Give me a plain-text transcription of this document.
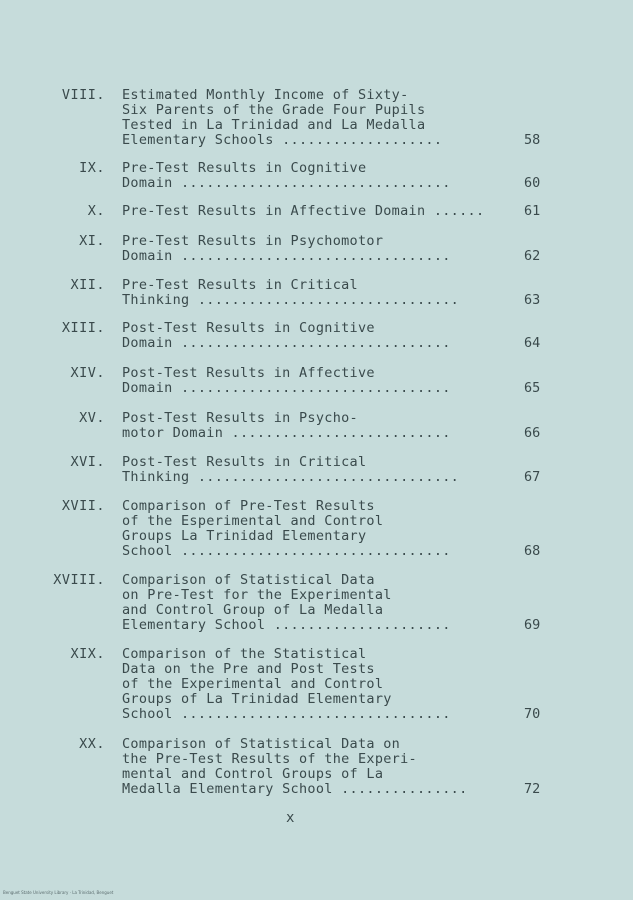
VIII. Estimated Monthly Income of Sixty-
Six Parents of the Grade Four Pupils
Tested in La Trinidad and La Medalla
Elementary Schools ...................	58
IX. Pre-Test Results in Cognitive
Domain ................................	60
X. Pre-Test Results in Affective Domain ......	61
XI. Pre-Test Results in Psychomotor
Domain ................................	62
XII. Pre-Test Results in Critical
Thinking ...............................	63
XIII. Post-Test Results in Cognitive
Domain ................................	64
XIV. Post-Test Results in Affective
Domain ................................	65
XV. Post-Test Results in Psycho-
motor Domain ..........................	66
XVI. Post-Test Results in Critical
Thinking ...............................	67
XVII. Comparison of Pre-Test Results
of the Esperimental and Control
Groups La Trinidad Elementary
School ................................	68
XVIII. Comparison of Statistical Data
on Pre-Test for the Experimental
and Control Group of La Medalla
Elementary School .....................	69
XIX. Comparison of the Statistical
Data on the Pre and Post Tests
of the Experimental and Control
Groups of La Trinidad Elementary
School ................................	70
XX. Comparison of Statistical Data on
the Pre-Test Results of the Experi-
mental and Control Groups of La
Medalla Elementary School ...............	72
x
Benguet State University Library · La Trinidad, Benguet
